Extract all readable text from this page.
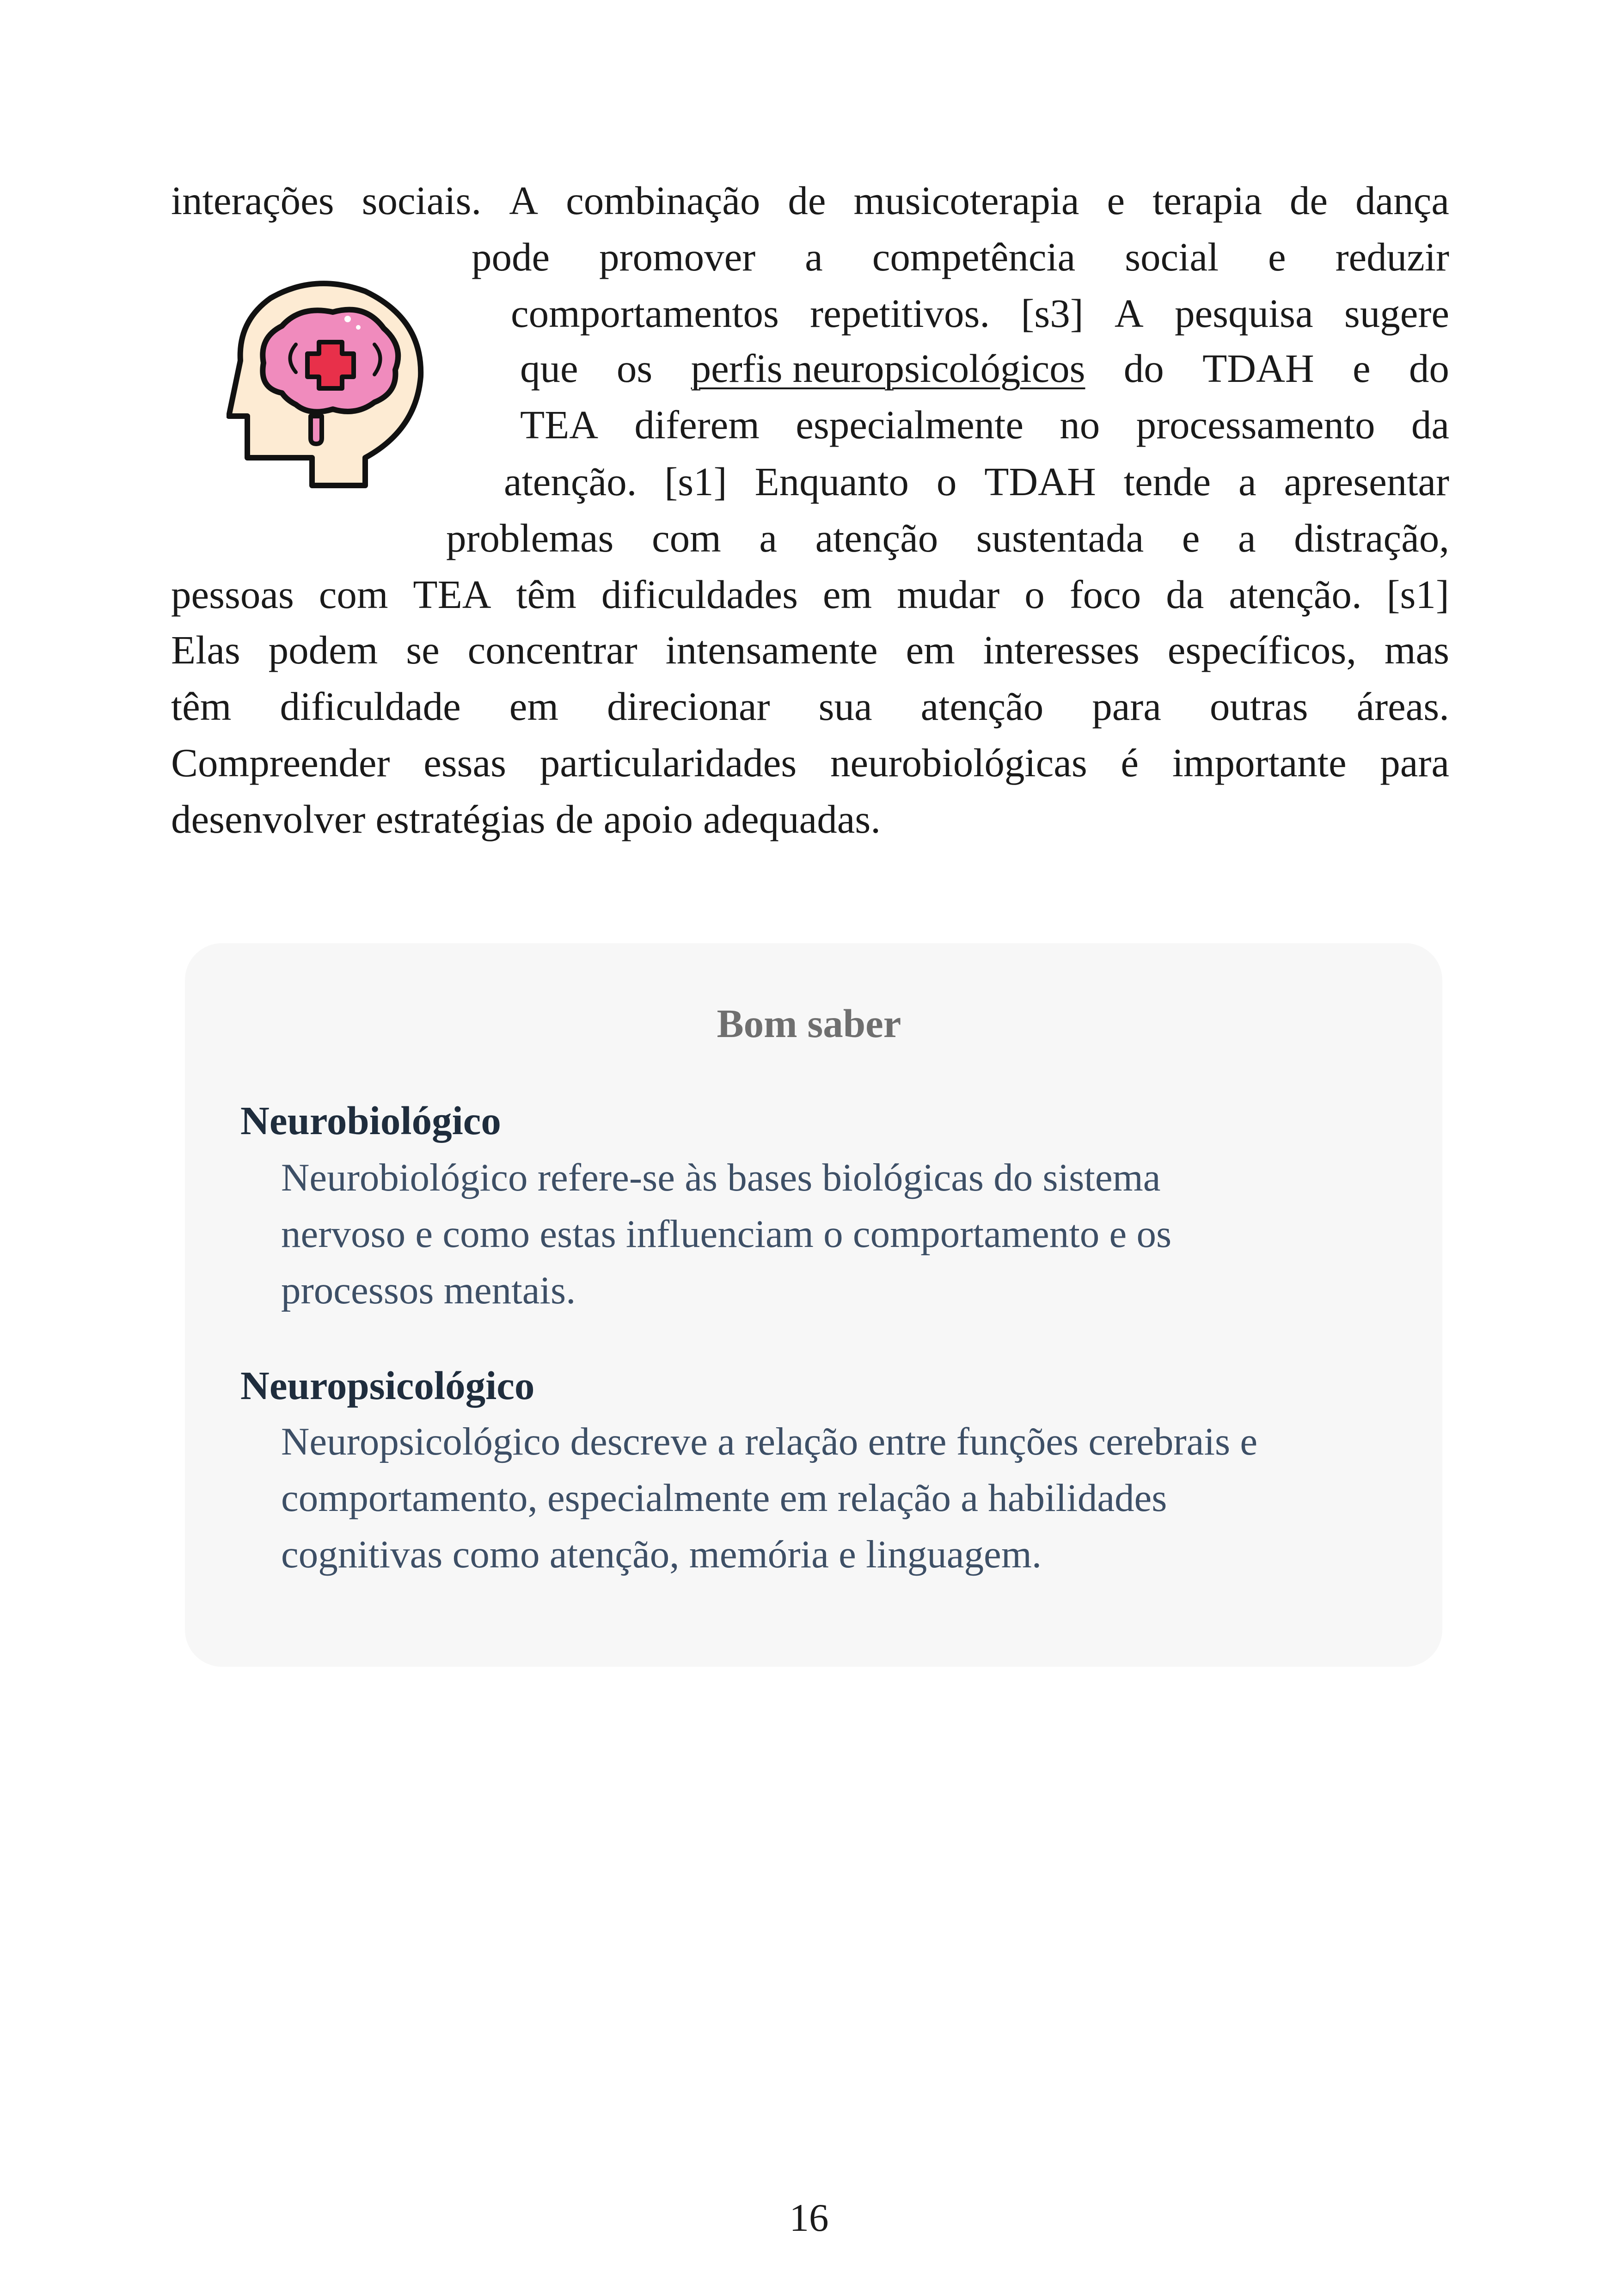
interações sociais. A combinação de musicoterapia e terapia de dança
pode promover a competência social e reduzir
comportamentos repetitivos. [s3] A pesquisa sugere
que os perfis neuropsicológicos do TDAH e do
TEA diferem especialmente no processamento da
atenção. [s1] Enquanto o TDAH tende a apresentar
problemas com a atenção sustentada e a distração,
pessoas com TEA têm dificuldades em mudar o foco da atenção. [s1]
Elas podem se concentrar intensamente em interesses específicos, mas
têm dificuldade em direcionar sua atenção para outras áreas.
Compreender essas particularidades neurobiológicas é importante para
desenvolver estratégias de apoio adequadas.
Bom saber
Neurobiológico
Neurobiológico refere-se às bases biológicas do sistema
nervoso e como estas influenciam o comportamento e os
processos mentais.
Neuropsicológico
Neuropsicológico descreve a relação entre funções cerebrais e
comportamento, especialmente em relação a habilidades
cognitivas como atenção, memória e linguagem.
16
